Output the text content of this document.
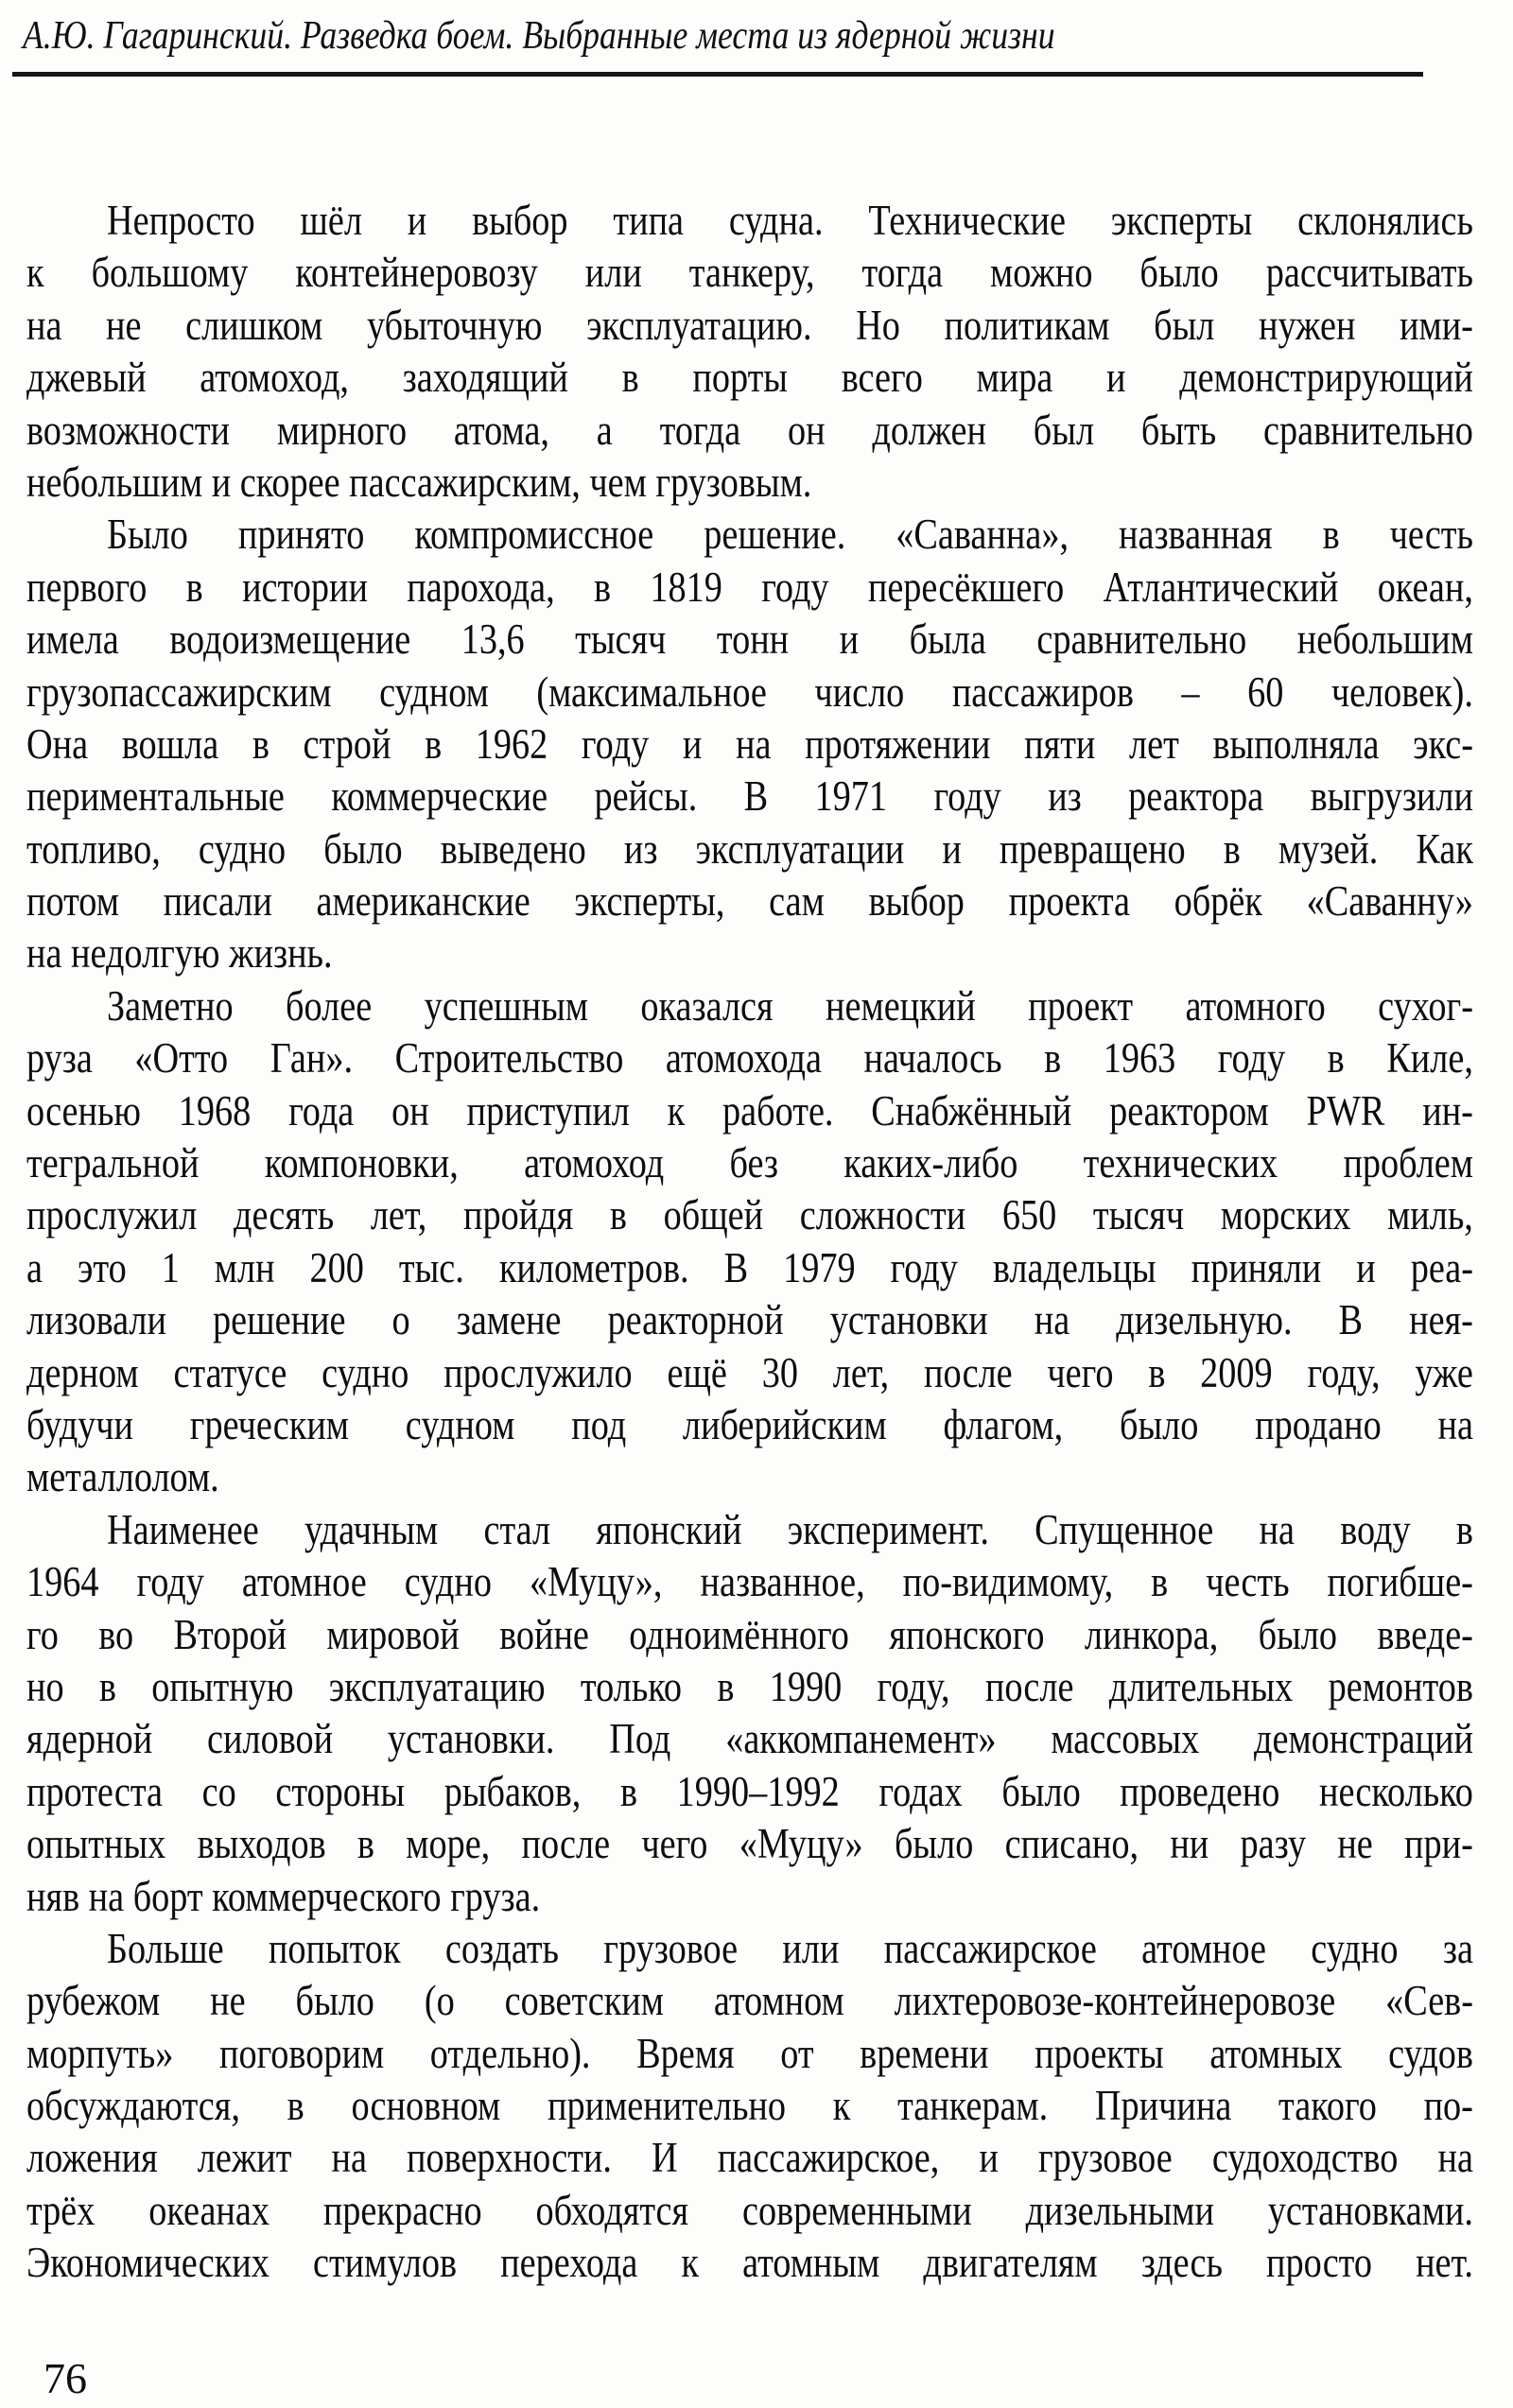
А.Ю. Гагаринский. Разведка боем. Выбранные места из ядерной жизни
Непросто шёл и выбор типа судна. Технические эксперты склонялись
к большому контейнеровозу или танкеру, тогда можно было рассчитывать
на не слишком убыточную эксплуатацию. Но политикам был нужен ими-
джевый атомоход, заходящий в порты всего мира и демонстрирующий
возможности мирного атома, а тогда он должен был быть сравнительно
небольшим и скорее пассажирским, чем грузовым.
Было принято компромиссное решение. «Саванна», названная в честь
первого в истории парохода, в 1819 году пересёкшего Атлантический океан,
имела водоизмещение 13,6 тысяч тонн и была сравнительно небольшим
грузопассажирским судном (максимальное число пассажиров – 60 человек).
Она вошла в строй в 1962 году и на протяжении пяти лет выполняла экс-
периментальные коммерческие рейсы. В 1971 году из реактора выгрузили
топливо, судно было выведено из эксплуатации и превращено в музей. Как
потом писали американские эксперты, сам выбор проекта обрёк «Саванну»
на недолгую жизнь.
Заметно более успешным оказался немецкий проект атомного сухог-
руза «Отто Ган». Строительство атомохода началось в 1963 году в Киле,
осенью 1968 года он приступил к работе. Снабжённый реактором PWR ин-
тегральной компоновки, атомоход без каких-либо технических проблем
прослужил десять лет, пройдя в общей сложности 650 тысяч морских миль,
а это 1 млн 200 тыс. километров. В 1979 году владельцы приняли и реа-
лизовали решение о замене реакторной установки на дизельную. В нея-
дерном статусе судно прослужило ещё 30 лет, после чего в 2009 году, уже
будучи греческим судном под либерийским флагом, было продано на
металлолом.
Наименее удачным стал японский эксперимент. Спущенное на воду в
1964 году атомное судно «Муцу», названное, по-видимому, в честь погибше-
го во Второй мировой войне одноимённого японского линкора, было введе-
но в опытную эксплуатацию только в 1990 году, после длительных ремонтов
ядерной силовой установки. Под «аккомпанемент» массовых демонстраций
протеста со стороны рыбаков, в 1990–1992 годах было проведено несколько
опытных выходов в море, после чего «Муцу» было списано, ни разу не при-
няв на борт коммерческого груза.
Больше попыток создать грузовое или пассажирское атомное судно за
рубежом не было (о советским атомном лихтеровозе-контейнеровозе «Сев-
морпуть» поговорим отдельно). Время от времени проекты атомных судов
обсуждаются, в основном применительно к танкерам. Причина такого по-
ложения лежит на поверхности. И пассажирское, и грузовое судоходство на
трёх океанах прекрасно обходятся современными дизельными установками.
Экономических стимулов перехода к атомным двигателям здесь просто нет.
76
